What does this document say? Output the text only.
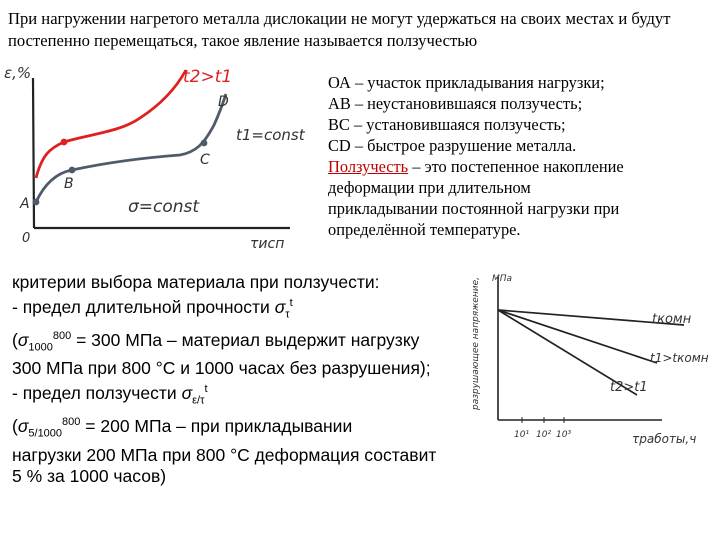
При нагружении нагретого металла дислокации не могут удержаться на своих местах и будут постепенно перемещаться, такое явление называется ползучестью
ε,%
0
A
B
C
D
t2>t1
t1=const
σ=const
τисп
ОА – участок прикладывания нагрузки;
АВ – неустановившаяся ползучесть;
ВС – установившаяся ползучесть;
CD – быстрое разрушение металла.
Ползучесть – это постепенное накопление
деформации при длительном
прикладывании постоянной нагрузки при
определённой температуре.
критерии выбора материала при ползучести:
- предел длительной прочности $\sigma_\tau^t$
($\sigma_{1000}^{800} = 300$ МПа – материал выдержит нагрузку
300 МПа при 800 °С и 1000 часах без разрушения);
- предел ползучести $\sigma_{\varepsilon/\tau}^t$
($\sigma_{5/1000}^{800} = 200$ МПа – при прикладывании
нагрузки 200 МПа при 800 °С деформация составит
5 % за 1000 часов)
МПа
разрушающее напряжение,	tкомн
t1>tкомн
t2>t1
10¹ 10² 10³	τработы,ч
